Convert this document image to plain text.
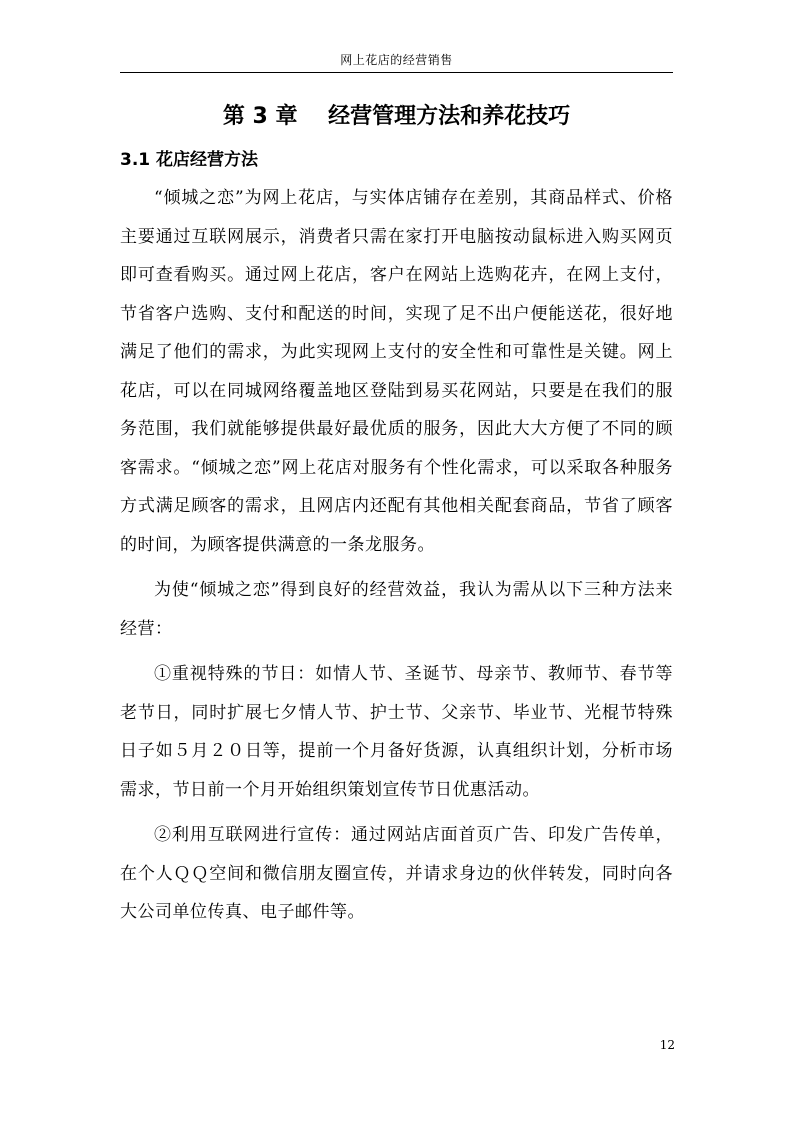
网上花店的经营销售
第 3 章    经营管理方法和养花技巧
3.1 花店经营方法

“倾城之恋”为网上花店，与实体店铺存在差别，其商品样式、价格主要通过互联网展示，消费者只需在家打开电脑按动鼠标进入购买网页即可查看购买。通过网上花店，客户在网站上选购花卉，在网上支付，节省客户选购、支付和配送的时间，实现了足不出户便能送花，很好地满足了他们的需求，为此实现网上支付的安全性和可靠性是关键。网上花店，可以在同城网络覆盖地区登陆到易买花网站，只要是在我们的服务范围，我们就能够提供最好最优质的服务，因此大大方便了不同的顾客需求。“倾城之恋”网上花店对服务有个性化需求，可以采取各种服务方式满足顾客的需求，且网店内还配有其他相关配套商品，节省了顾客的时间，为顾客提供满意的一条龙服务。

为使“倾城之恋”得到良好的经营效益，我认为需从以下三种方法来经营：

①重视特殊的节日：如情人节、圣诞节、母亲节、教师节、春节等老节日，同时扩展七夕情人节、护士节、父亲节、毕业节、光棍节特殊日子如５月２０日等，提前一个月备好货源，认真组织计划，分析市场需求，节日前一个月开始组织策划宣传节日优惠活动。

②利用互联网进行宣传：通过网站店面首页广告、印发广告传单，在个人ＱＱ空间和微信朋友圈宣传，并请求身边的伙伴转发，同时向各大公司单位传真、电子邮件等。

12
